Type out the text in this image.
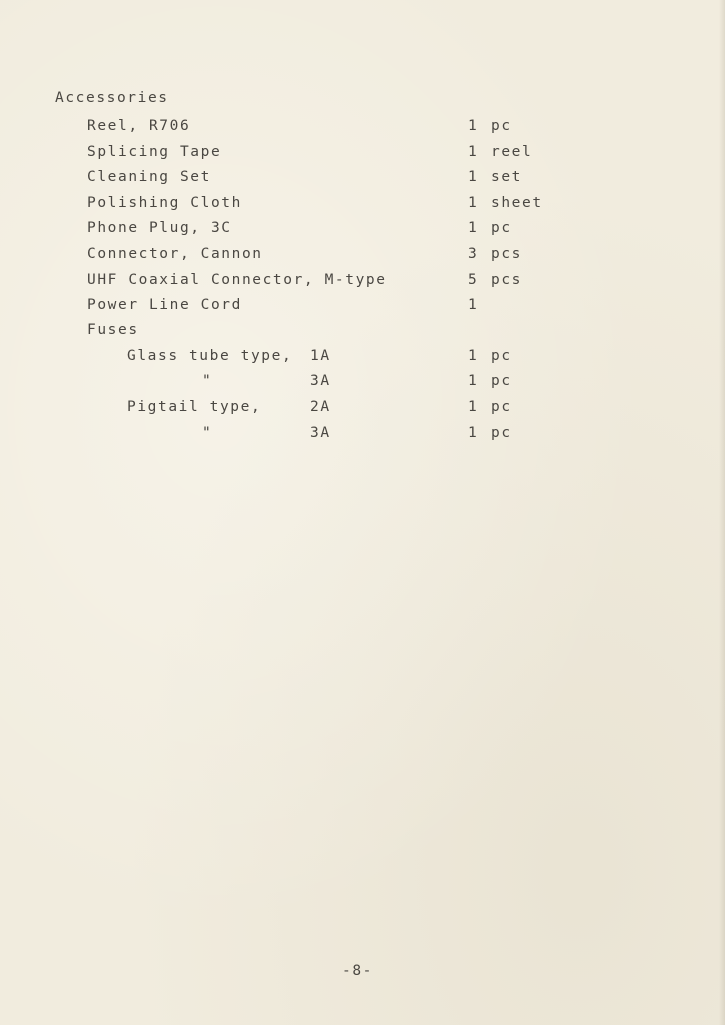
Accessories
Reel, R706	1 pc
Splicing Tape	1 reel
Cleaning Set	1 set
Polishing Cloth	1 sheet
Phone Plug, 3C	1 pc
Connector, Cannon	3 pcs
UHF Coaxial Connector, M-type	5 pcs
Power Line Cord	1
Fuses
Glass tube type, 1A	1 pc
"	3A	1 pc
Pigtail type,	2A	1 pc
"	3A	1 pc
-8-
